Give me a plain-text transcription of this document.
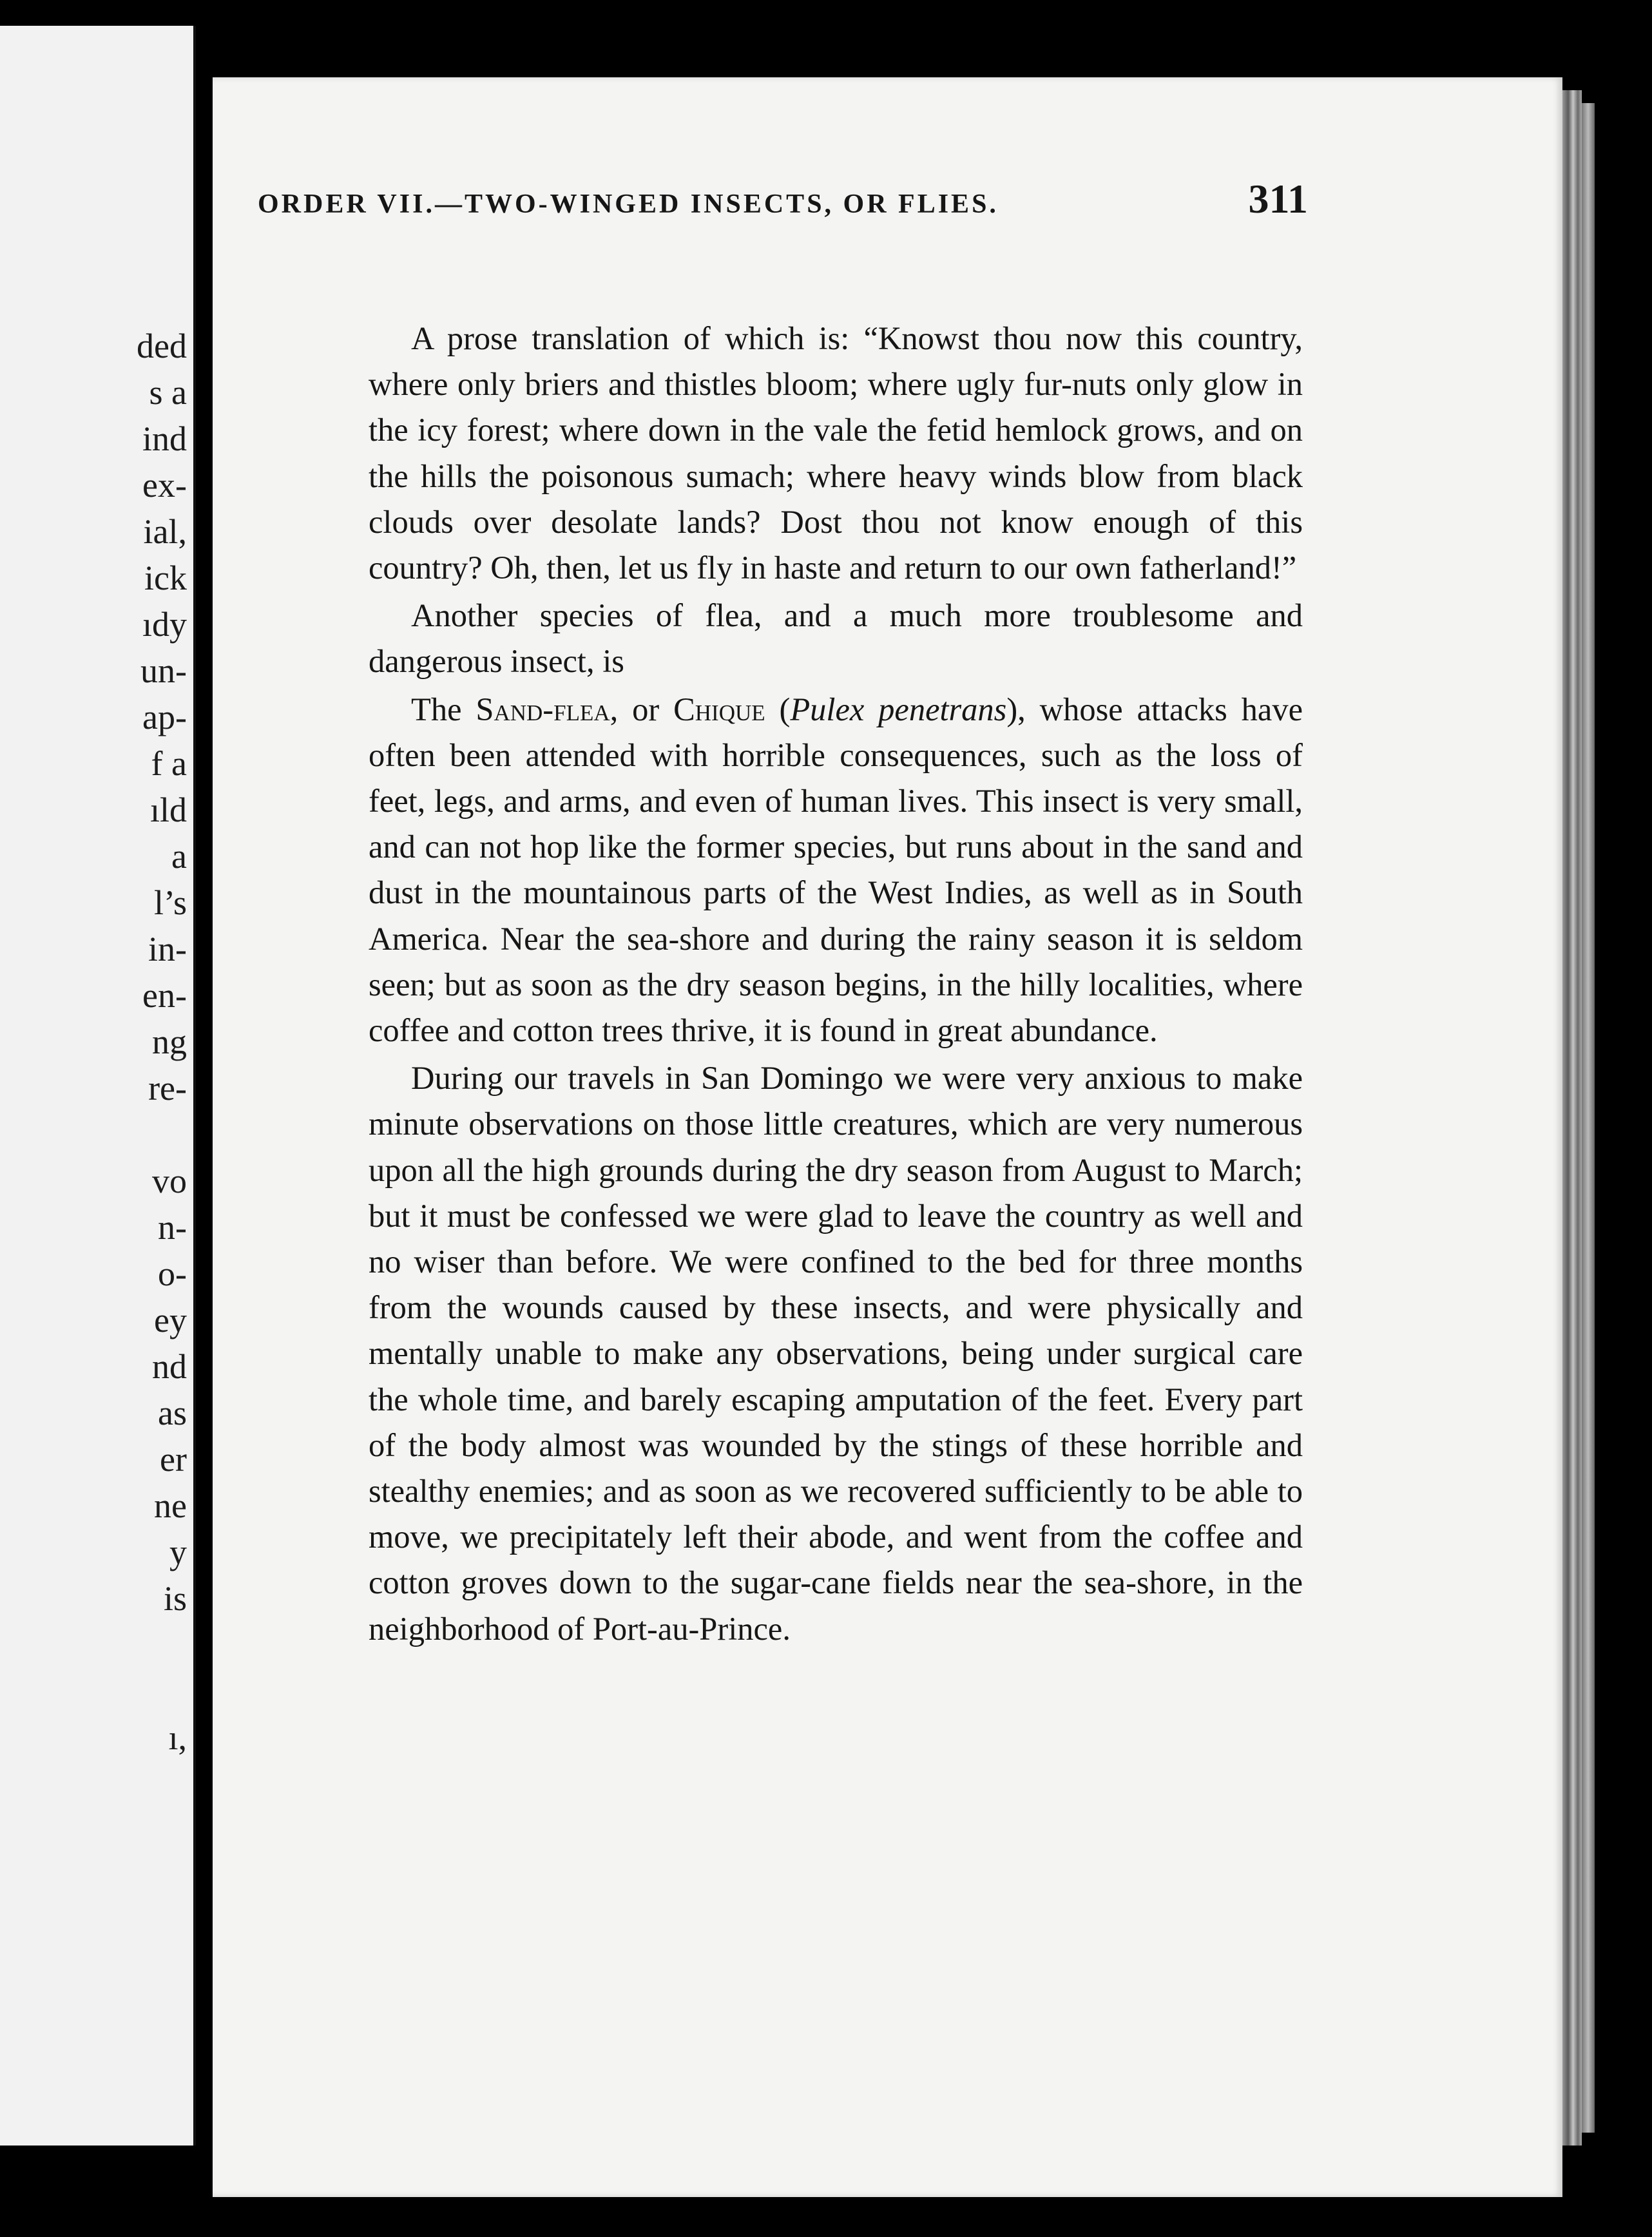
ded
s a
ind
ex-
ial,
ick
ıdy
un-
ap-
f a
ıld
a
l’s
in-
en-
ng
re-
vo
n-
o-
ey
nd
as
er
ne
y
is
ı,
ORDER VII.—TWO-WINGED INSECTS, OR FLIES.	311

A prose translation of which is: “Knowst thou now this country, where only briers and thistles bloom; where ugly fur-nuts only glow in the icy forest; where down in the vale the fetid hemlock grows, and on the hills the poisonous sumach; where heavy winds blow from black clouds over desolate lands? Dost thou not know enough of this country? Oh, then, let us fly in haste and return to our own fatherland!”

Another species of flea, and a much more troublesome and dangerous insect, is

The Sand-flea, or Chique (Pulex penetrans), whose attacks have often been attended with horrible consequences, such as the loss of feet, legs, and arms, and even of human lives. This insect is very small, and can not hop like the former species, but runs about in the sand and dust in the mountainous parts of the West Indies, as well as in South America. Near the sea-shore and during the rainy season it is seldom seen; but as soon as the dry season begins, in the hilly localities, where coffee and cotton trees thrive, it is found in great abundance.

During our travels in San Domingo we were very anxious to make minute observations on those little creatures, which are very numerous upon all the high grounds during the dry season from August to March; but it must be confessed we were glad to leave the country as well and no wiser than before. We were confined to the bed for three months from the wounds caused by these insects, and were physically and mentally unable to make any observations, being under surgical care the whole time, and barely escaping amputation of the feet. Every part of the body almost was wounded by the stings of these horrible and stealthy enemies; and as soon as we recovered sufficiently to be able to move, we precipitately left their abode, and went from the coffee and cotton groves down to the sugar-cane fields near the sea-shore, in the neighborhood of Port-au-Prince.
